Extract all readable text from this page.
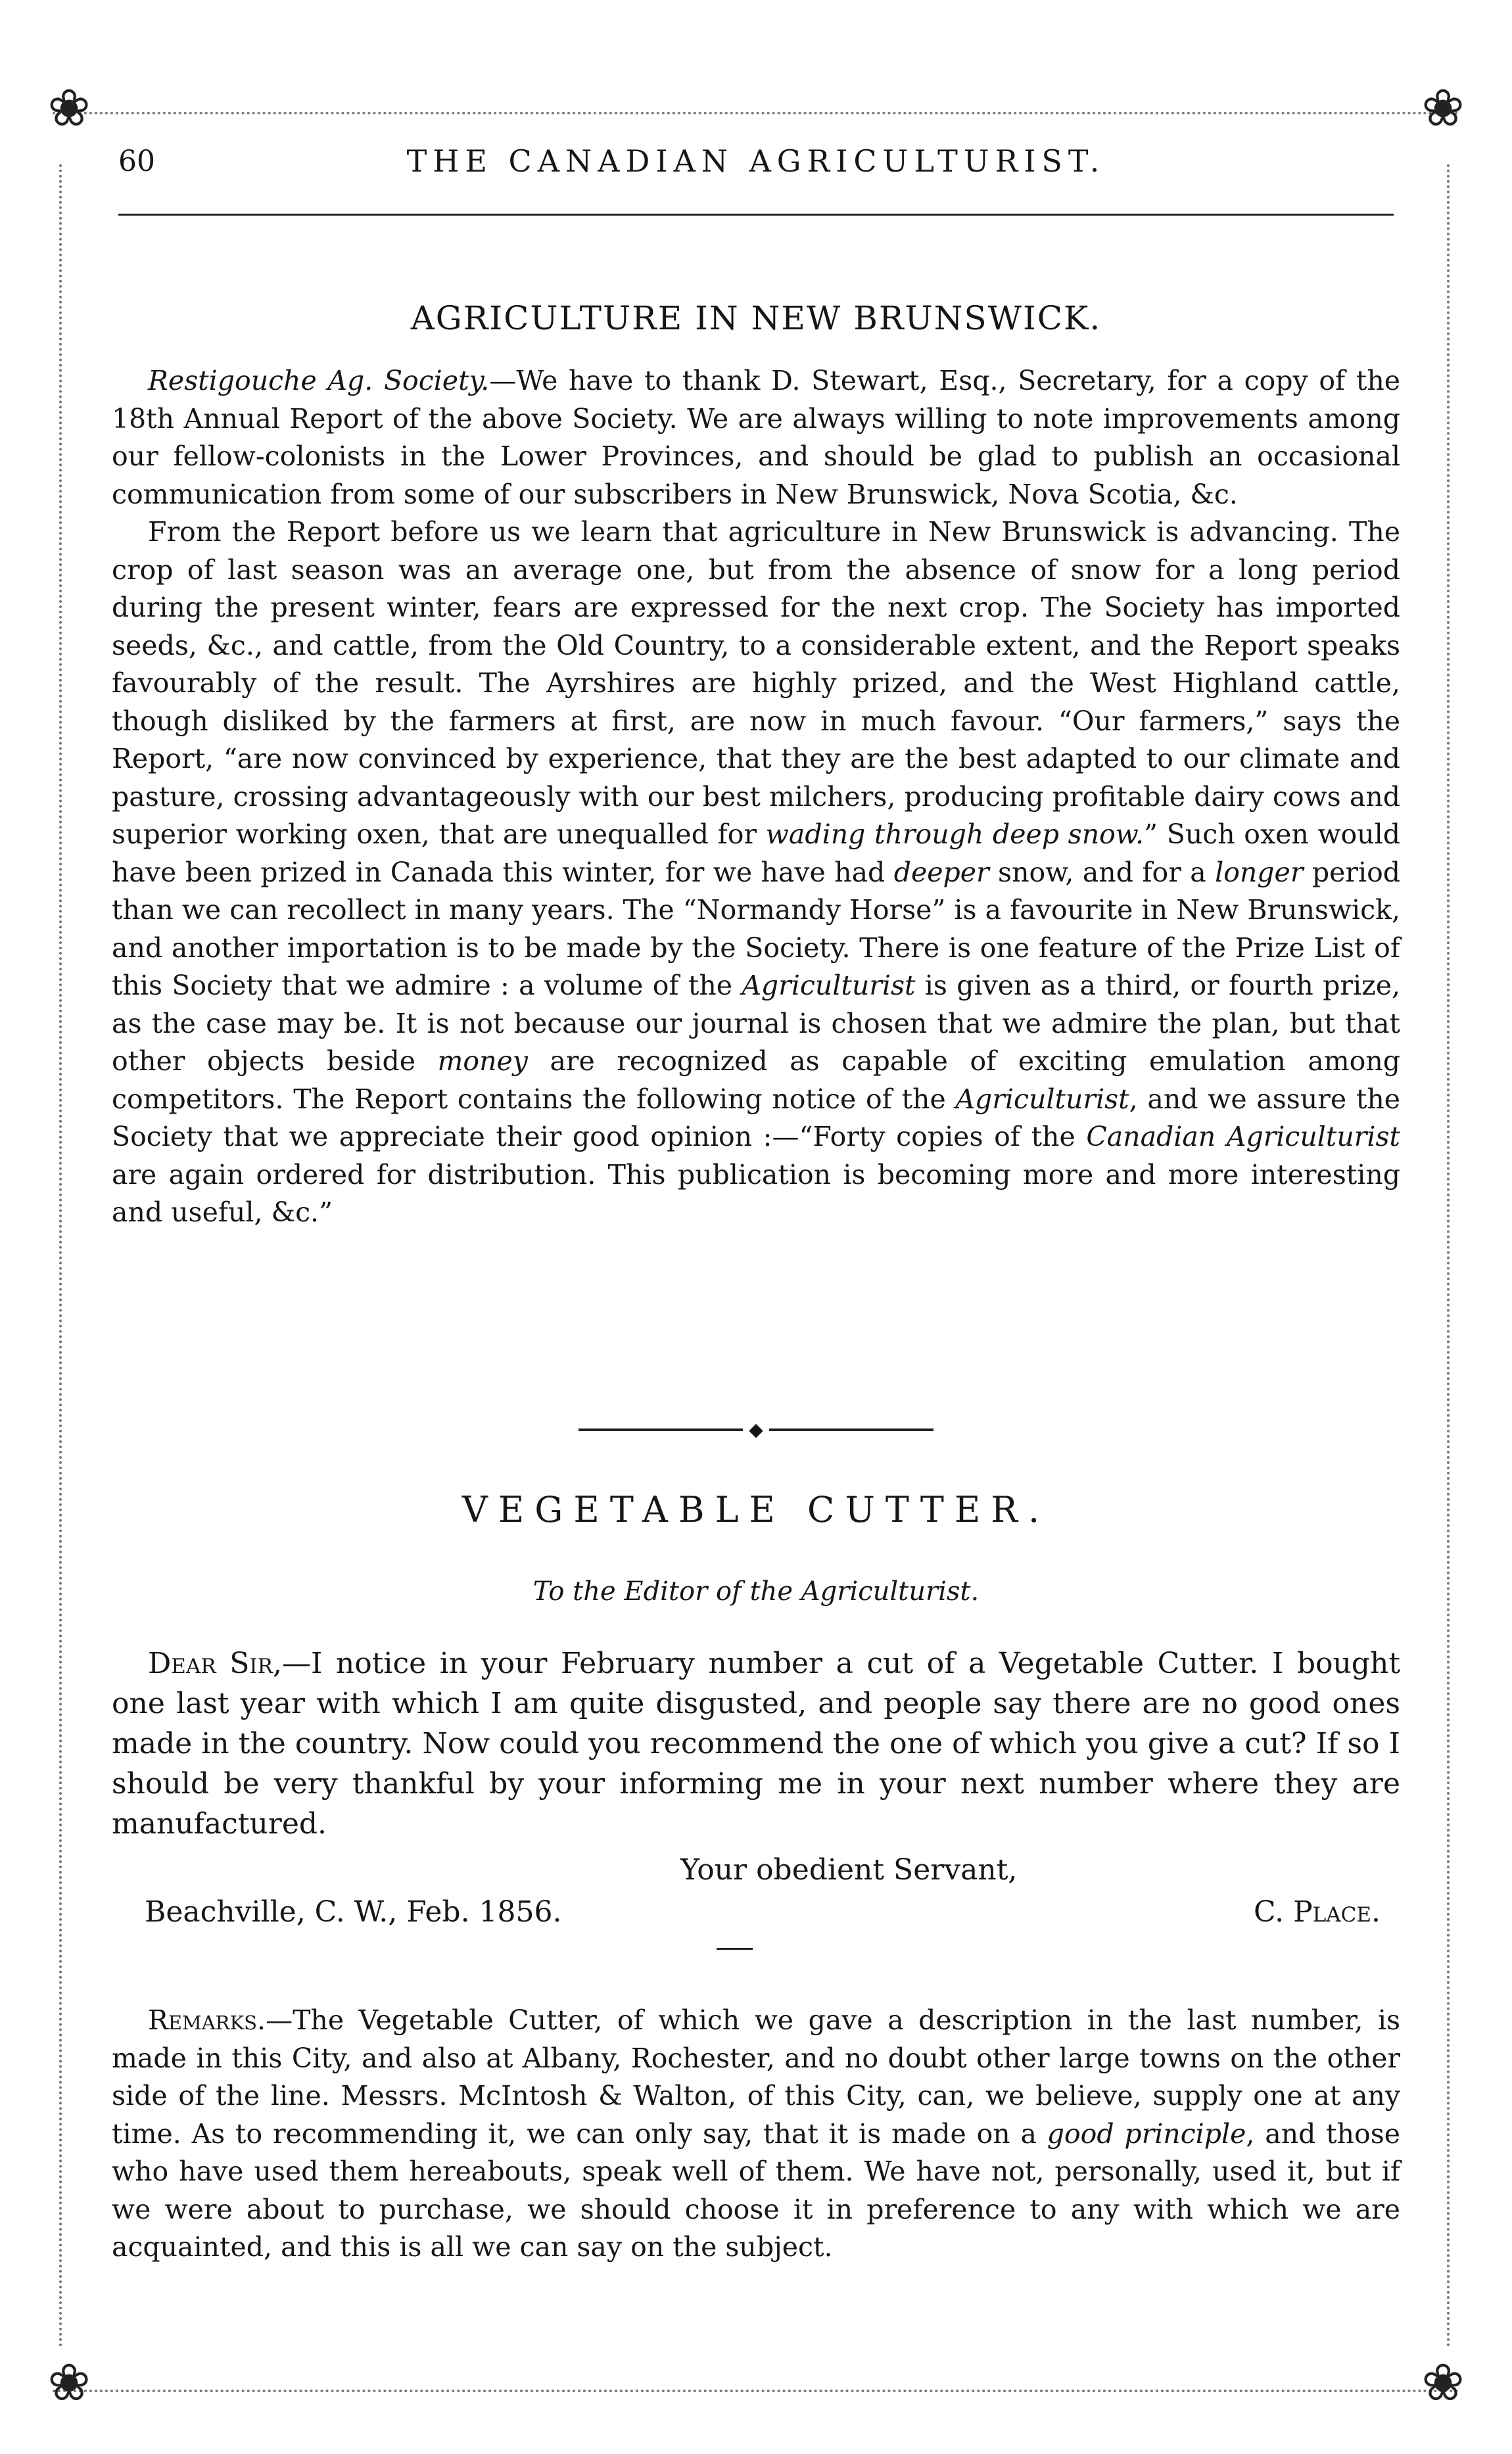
❀	❀
❀	❀
60	THE CANADIAN AGRICULTURIST.
AGRICULTURE IN NEW BRUNSWICK.

Restigouche Ag. Society.—We have to thank D. Stewart, Esq., Secretary, for a copy of the 18th Annual Report of the above Society. We are always willing to note improvements among our fellow-colonists in the Lower Provinces, and should be glad to publish an occasional communication from some of our subscribers in New Brunswick, Nova Scotia, &c.

From the Report before us we learn that agriculture in New Brunswick is advancing. The crop of last season was an average one, but from the absence of snow for a long period during the present winter, fears are expressed for the next crop. The Society has imported seeds, &c., and cattle, from the Old Country, to a considerable extent, and the Report speaks favourably of the result. The Ayrshires are highly prized, and the West Highland cattle, though disliked by the farmers at first, are now in much favour. “Our farmers,” says the Report, “are now convinced by experience, that they are the best adapted to our climate and pasture, crossing advantageously with our best milchers, producing profitable dairy cows and superior working oxen, that are unequalled for wading through deep snow.” Such oxen would have been prized in Canada this winter, for we have had deeper snow, and for a longer period than we can recollect in many years. The “Normandy Horse” is a favourite in New Brunswick, and another importation is to be made by the Society. There is one feature of the Prize List of this Society that we admire : a volume of the Agriculturist is given as a third, or fourth prize, as the case may be. It is not because our journal is chosen that we admire the plan, but that other objects beside money are recognized as capable of exciting emulation among competitors. The Report contains the following notice of the Agriculturist, and we assure the Society that we appreciate their good opinion :—“Forty copies of the Canadian Agriculturist are again ordered for distribution. This publication is becoming more and more interesting and useful, &c.”

◆
VEGETABLE CUTTER.

To the Editor of the Agriculturist.

Dear Sir,—I notice in your February number a cut of a Vegetable Cutter. I bought one last year with which I am quite disgusted, and people say there are no good ones made in the country. Now could you recommend the one of which you give a cut? If so I should be very thankful by your informing me in your next number where they are manufactured.

Your obedient Servant,

Beachville, C. W., Feb. 1856.	C. Place.

Remarks.—The Vegetable Cutter, of which we gave a description in the last number, is made in this City, and also at Albany, Rochester, and no doubt other large towns on the other side of the line. Messrs. McIntosh & Walton, of this City, can, we believe, supply one at any time. As to recommending it, we can only say, that it is made on a good principle, and those who have used them hereabouts, speak well of them. We have not, personally, used it, but if we were about to purchase, we should choose it in preference to any with which we are acquainted, and this is all we can say on the subject.
